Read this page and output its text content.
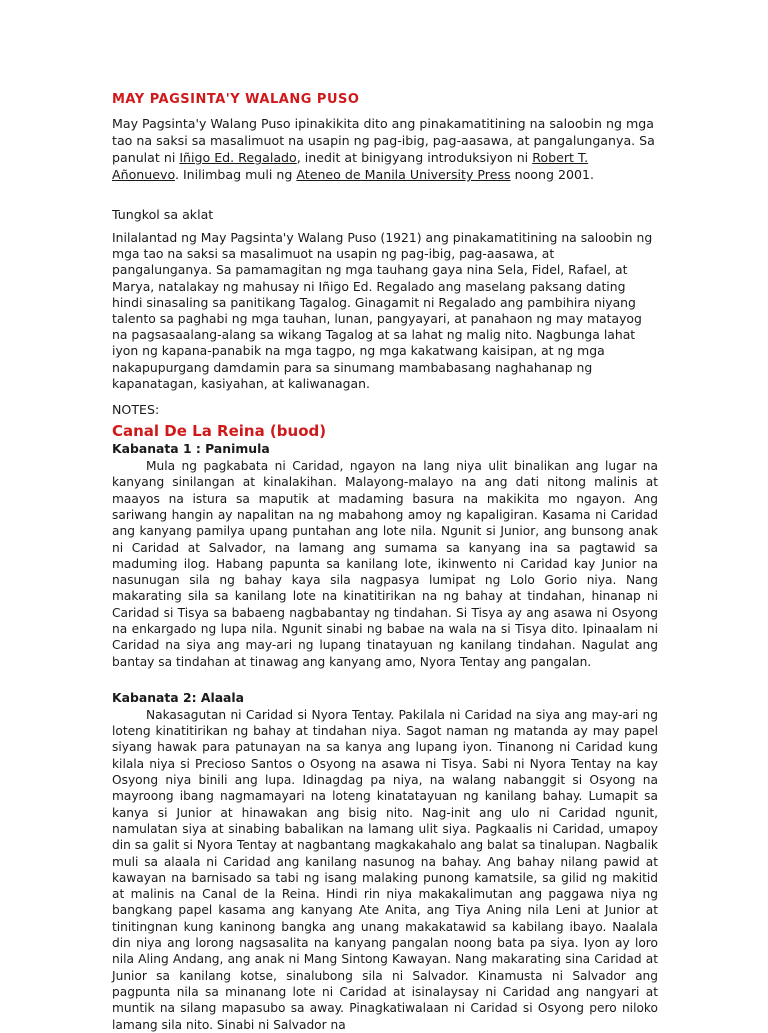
MAY PAGSINTA'Y WALANG PUSO

May Pagsinta'y Walang Puso ipinakikita dito ang pinakamatitining na saloobin ng mga tao na saksi sa masalimuot na usapin ng pag-ibig, pag-aasawa, at pangalunganya. Sa panulat ni Iñigo Ed. Regalado, inedit at binigyang introduksiyon ni Robert T. Añonuevo. Inilimbag muli ng Ateneo de Manila University Press noong 2001.

Tungkol sa aklat

Inilalantad ng May Pagsinta'y Walang Puso (1921) ang pinakamatitining na saloobin ng mga tao na saksi sa masalimuot na usapin ng pag-ibig, pag-aasawa, at pangalunganya. Sa pamamagitan ng mga tauhang gaya nina Sela, Fidel, Rafael, at Marya, natalakay ng mahusay ni Iñigo Ed. Regalado ang maselang paksang dating hindi sinasaling sa panitikang Tagalog. Ginagamit ni Regalado ang pambihira niyang talento sa paghabi ng mga tauhan, lunan, pangyayari, at panahaon ng may matayog na pagsasaalang-alang sa wikang Tagalog at sa lahat ng malig nito. Nagbunga lahat iyon ng kapana-panabik na mga tagpo, ng mga kakatwang kaisipan, at ng mga nakapupurgang damdamin para sa sinumang mambabasang naghahanap ng kapanatagan, kasiyahan, at kaliwanagan.

NOTES:
Canal De La Reina (buod)
Kabanata 1 : Panimula

Mula ng pagkabata ni Caridad, ngayon na lang niya ulit binalikan ang lugar na kanyang sinilangan at kinalakihan. Malayong-malayo na ang dati nitong malinis at maayos na istura sa maputik at madaming basura na makikita mo ngayon. Ang sariwang hangin ay napalitan na ng mabahong amoy ng kapaligiran. Kasama ni Caridad ang kanyang pamilya upang puntahan ang lote nila. Ngunit si Junior, ang bunsong anak ni Caridad at Salvador, na lamang ang sumama sa kanyang ina sa pagtawid sa maduming ilog. Habang papunta sa kanilang lote, ikinwento ni Caridad kay Junior na nasunugan sila ng bahay kaya sila nagpasya lumipat ng Lolo Gorio niya. Nang makarating sila sa kanilang lote na kinatitirikan na ng bahay at tindahan, hinanap ni Caridad si Tisya sa babaeng nagbabantay ng tindahan. Si Tisya ay ang asawa ni Osyong na enkargado ng lupa nila. Ngunit sinabi ng babae na wala na si Tisya dito. Ipinaalam ni Caridad na siya ang may-ari ng lupang tinatayuan ng kanilang tindahan. Nagulat ang bantay sa tindahan at tinawag ang kanyang amo, Nyora Tentay ang pangalan.

Kabanata 2: Alaala

Nakasagutan ni Caridad si Nyora Tentay. Pakilala ni Caridad na siya ang may-ari ng loteng kinatitirikan ng bahay at tindahan niya. Sagot naman ng matanda ay may papel siyang hawak para patunayan na sa kanya ang lupang iyon. Tinanong ni Caridad kung kilala niya si Precioso Santos o Osyong na asawa ni Tisya. Sabi ni Nyora Tentay na kay Osyong niya binili ang lupa. Idinagdag pa niya, na walang nabanggit si Osyong na mayroong ibang nagmamayari na loteng kinatatayuan ng kanilang bahay. Lumapit sa kanya si Junior at hinawakan ang bisig nito. Nag-init ang ulo ni Caridad ngunit, namulatan siya at sinabing babalikan na lamang ulit siya. Pagkaalis ni Caridad, umapoy din sa galit si Nyora Tentay at nagbantang magkakahalo ang balat sa tinalupan. Nagbalik muli sa alaala ni Caridad ang kanilang nasunog na bahay. Ang bahay nilang pawid at kawayan na barnisado sa tabi ng isang malaking punong kamatsile, sa gilid ng makitid at malinis na Canal de la Reina. Hindi rin niya makakalimutan ang paggawa niya ng bangkang papel kasama ang kanyang Ate Anita, ang Tiya Aning nila Leni at Junior at tinitingnan kung kaninong bangka ang unang makakatawid sa kabilang ibayo. Naalala din niya ang lorong nagsasalita na kanyang pangalan noong bata pa siya. Iyon ay loro nila Aling Andang, ang anak ni Mang Sintong Kawayan. Nang makarating sina Caridad at Junior sa kanilang kotse, sinalubong sila ni Salvador. Kinamusta ni Salvador ang pagpunta nila sa minanang lote ni Caridad at isinalaysay ni Caridad ang nangyari at muntik na silang mapasubo sa away. Pinagkatiwalaan ni Caridad si Osyong pero niloko lamang sila nito. Sinabi ni Salvador na
